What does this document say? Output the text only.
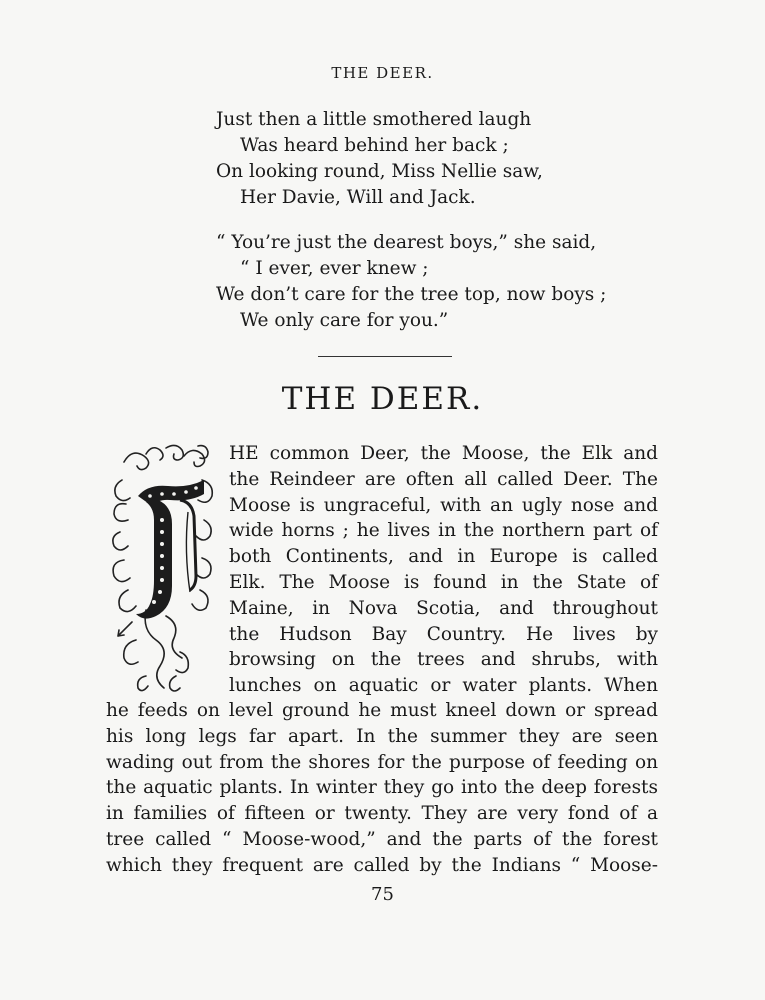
THE DEER.
Just then a little smothered laugh
Was heard behind her back ;
On looking round, Miss Nellie saw,
Her Davie, Will and Jack.
“ You’re just the dearest boys,” she said,
“ I ever, ever knew ;
We don’t care for the tree top, now boys ;
We only care for you.”
THE DEER.
HE common Deer, the Moose, the Elk and
the Reindeer are often all called Deer. The
Moose is ungraceful, with an ugly nose and
wide horns ; he lives in the northern part of
both Continents, and in Europe is called
Elk. The Moose is found in the State of
Maine, in Nova Scotia, and throughout
the Hudson Bay Country. He lives by
browsing on the trees and shrubs, with
lunches on aquatic or water plants. When
he feeds on level ground he must kneel down or spread
his long legs far apart. In the summer they are seen
wading out from the shores for the purpose of feeding on
the aquatic plants. In winter they go into the deep forests
in families of fifteen or twenty. They are very fond of a
tree called “ Moose-wood,” and the parts of the forest
which they frequent are called by the Indians “ Moose-
75
